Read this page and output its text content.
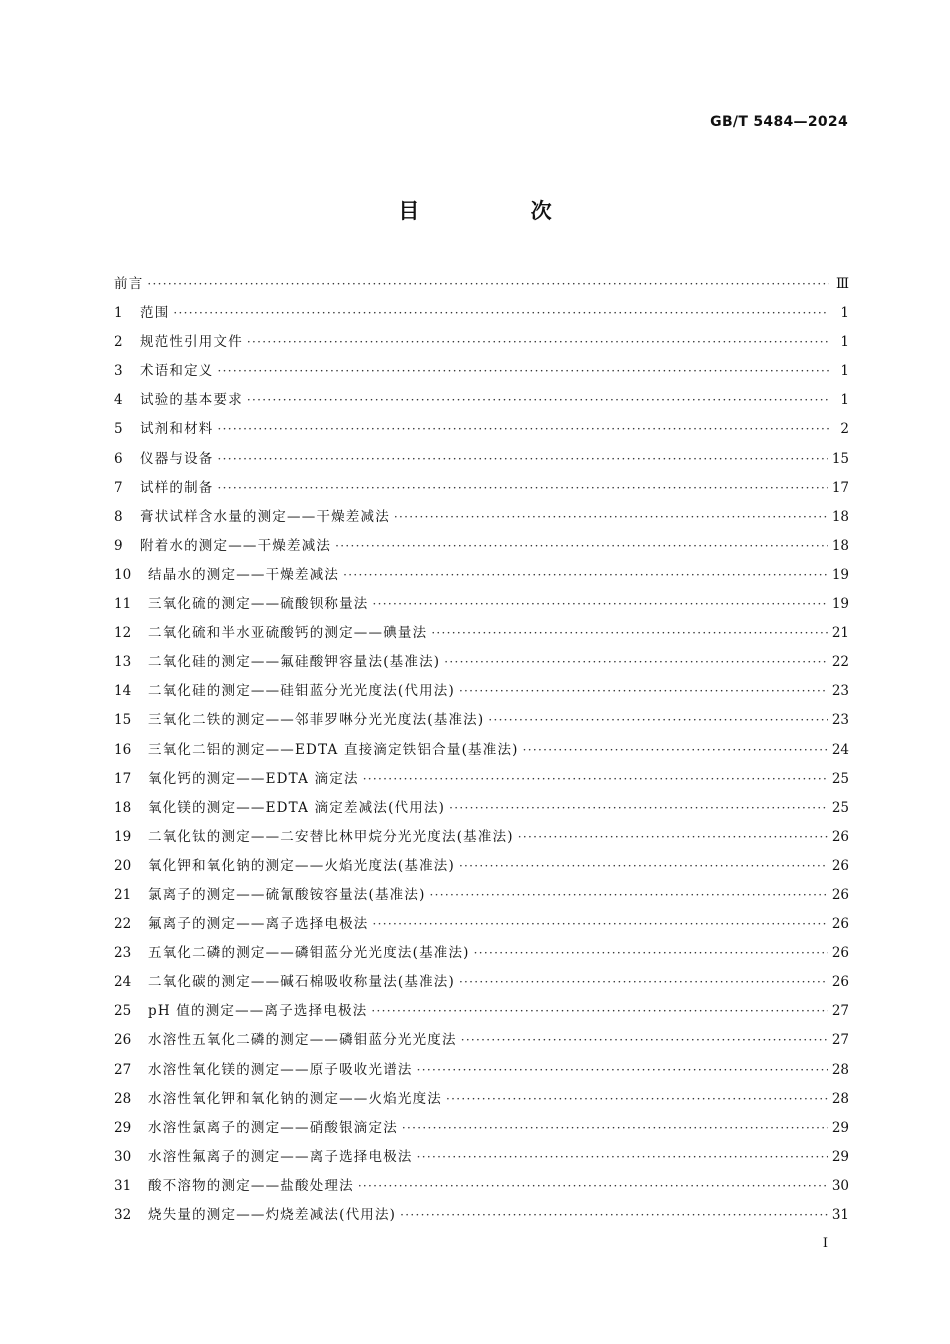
GB/T 5484—2024
目 次
前言 ·····	Ⅲ
1	范围 ·····	1
2	规范性引用文件 ·····	1
3	术语和定义 ·····	1
4	试验的基本要求 ·····	1
5	试剂和材料 ·····	2
6	仪器与设备 ·····	15
7	试样的制备 ·····	17
8	膏状试样含水量的测定——干燥差减法 ·····	18
9	附着水的测定——干燥差减法 ·····	18
10	结晶水的测定——干燥差减法 ·····	19
11	三氧化硫的测定——硫酸钡称量法 ·····	19
12	二氧化硫和半水亚硫酸钙的测定——碘量法 ·····	21
13	二氧化硅的测定——氟硅酸钾容量法(基准法) ·····	22
14	二氧化硅的测定——硅钼蓝分光光度法(代用法) ·····	23
15	三氧化二铁的测定——邻菲罗啉分光光度法(基准法) ·····	23
16	三氧化二铝的测定——EDTA 直接滴定铁铝合量(基准法) ·····	24
17	氧化钙的测定——EDTA 滴定法 ·····	25
18	氧化镁的测定——EDTA 滴定差减法(代用法) ·····	25
19	二氧化钛的测定——二安替比林甲烷分光光度法(基准法) ·····	26
20	氧化钾和氧化钠的测定——火焰光度法(基准法) ·····	26
21	氯离子的测定——硫氰酸铵容量法(基准法) ·····	26
22	氟离子的测定——离子选择电极法 ·····	26
23	五氧化二磷的测定——磷钼蓝分光光度法(基准法) ·····	26
24	二氧化碳的测定——碱石棉吸收称量法(基准法) ·····	26
25	pH 值的测定——离子选择电极法 ·····	27
26	水溶性五氧化二磷的测定——磷钼蓝分光光度法 ·····	27
27	水溶性氧化镁的测定——原子吸收光谱法 ·····	28
28	水溶性氧化钾和氧化钠的测定——火焰光度法 ·····	28
29	水溶性氯离子的测定——硝酸银滴定法 ·····	29
30	水溶性氟离子的测定——离子选择电极法 ·····	29
31	酸不溶物的测定——盐酸处理法 ·····	30
32	烧失量的测定——灼烧差减法(代用法) ·····	31
I
